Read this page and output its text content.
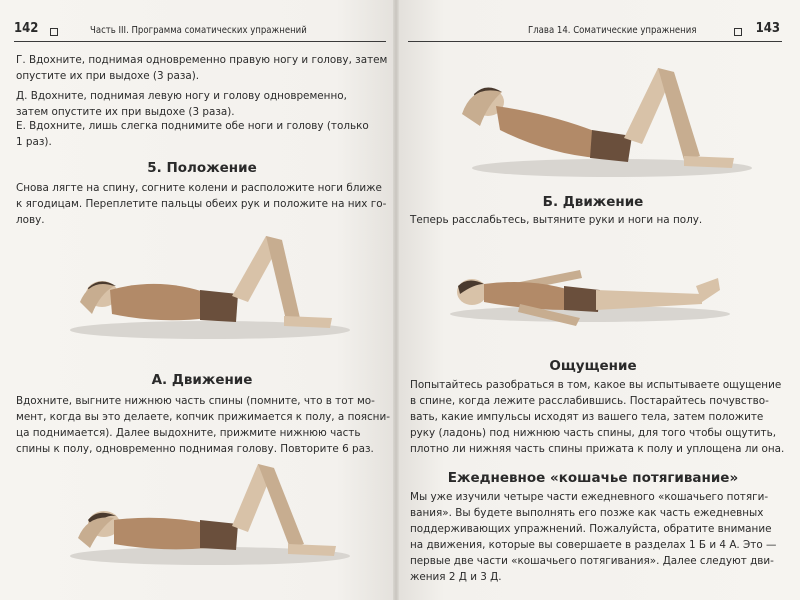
142	Часть III. Программа соматических упражнений	Глава 14. Соматические упражнения	143
Г. Вдохните, поднимая одновременно правую ногу и голову, затем
опустите их при выдохе (3 раза).
Д. Вдохните, поднимая левую ногу и голову одновременно,
затем опустите их при выдохе (3 раза).
Е. Вдохните, лишь слегка поднимите обе ноги и голову (только
1 раз).
5. Положение
Снова лягте на спину, согните колени и расположите ноги ближе
к ягодицам. Переплетите пальцы обеих рук и положите на них го-
лову.
А. Движение
Вдохните, выгните нижнюю часть спины (помните, что в тот мо-
мент, когда вы это делаете, копчик прижимается к полу, а поясни-
ца поднимается). Далее выдохните, прижмите нижнюю часть
спины к полу, одновременно поднимая голову. Повторите 6 раз.
Б. Движение
Теперь расслабьтесь, вытяните руки и ноги на полу.
Ощущение
Попытайтесь разобраться в том, какое вы испытываете ощущение
в спине, когда лежите расслабившись. Постарайтесь почувство-
вать, какие импульсы исходят из вашего тела, затем положите
руку (ладонь) под нижнюю часть спины, для того чтобы ощутить,
плотно ли нижняя часть спины прижата к полу и уплощена ли она.
Ежедневное «кошачье потягивание»
Мы уже изучили четыре части ежедневного «кошачьего потяги-
вания». Вы будете выполнять его позже как часть ежедневных
поддерживающих упражнений. Пожалуйста, обратите внимание
на движения, которые вы совершаете в разделах 1 Б и 4 А. Это —
первые две части «кошачьего потягивания». Далее следуют дви-
жения 2 Д и 3 Д.
